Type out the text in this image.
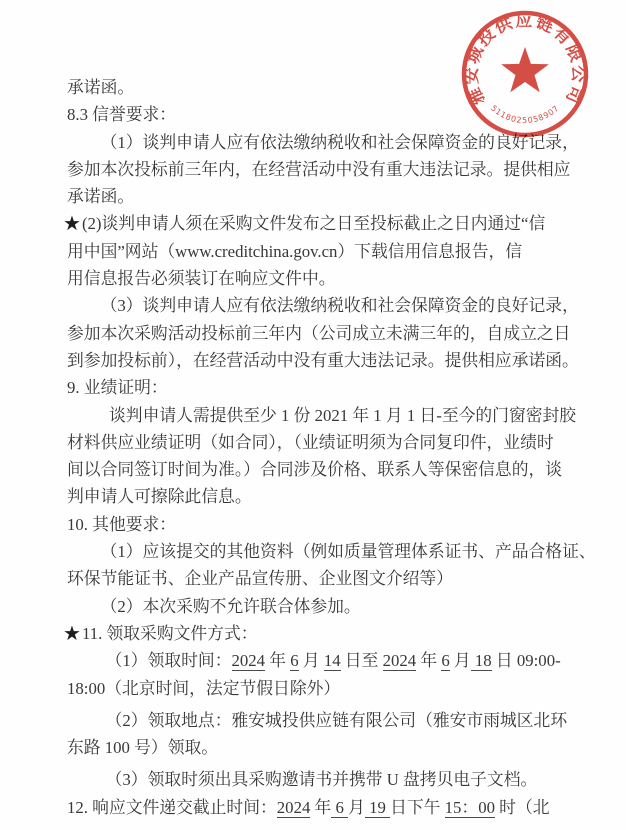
承诺函。
8.3 信誉要求：
（1）谈判申请人应有依法缴纳税收和社会保障资金的良好记录，
参加本次投标前三年内，在经营活动中没有重大违法记录。提供相应
承诺函。
★(2)谈判申请人须在采购文件发布之日至投标截止之日内通过“信
用中国”网站（www.creditchina.gov.cn）下载信用信息报告，信
用信息报告必须装订在响应文件中。
（3）谈判申请人应有依法缴纳税收和社会保障资金的良好记录，
参加本次采购活动投标前三年内（公司成立未满三年的，自成立之日
到参加投标前），在经营活动中没有重大违法记录。提供相应承诺函。
9. 业绩证明：
谈判申请人需提供至少 1 份 2021 年 1 月 1 日-至今的门窗密封胶
材料供应业绩证明（如合同），（业绩证明须为合同复印件，业绩时
间以合同签订时间为准。）合同涉及价格、联系人等保密信息的，谈
判申请人可擦除此信息。
10. 其他要求：
（1）应该提交的其他资料（例如质量管理体系证书、产品合格证、
环保节能证书、企业产品宣传册、企业图文介绍等）
（2）本次采购不允许联合体参加。
★11. 领取采购文件方式：
（1）领取时间：2024 年 6 月 14 日至 2024 年 6 月 18 日 09:00-
18:00（北京时间，法定节假日除外）
（2）领取地点：雅安城投供应链有限公司（雅安市雨城区北环
东路 100 号）领取。
（3）领取时须出具采购邀请书并携带 U 盘拷贝电子文档。
12. 响应文件递交截止时间：2024 年 6 月 19 日下午 15：00 时（北
雅安城投供应链有限公司
5118025058907
